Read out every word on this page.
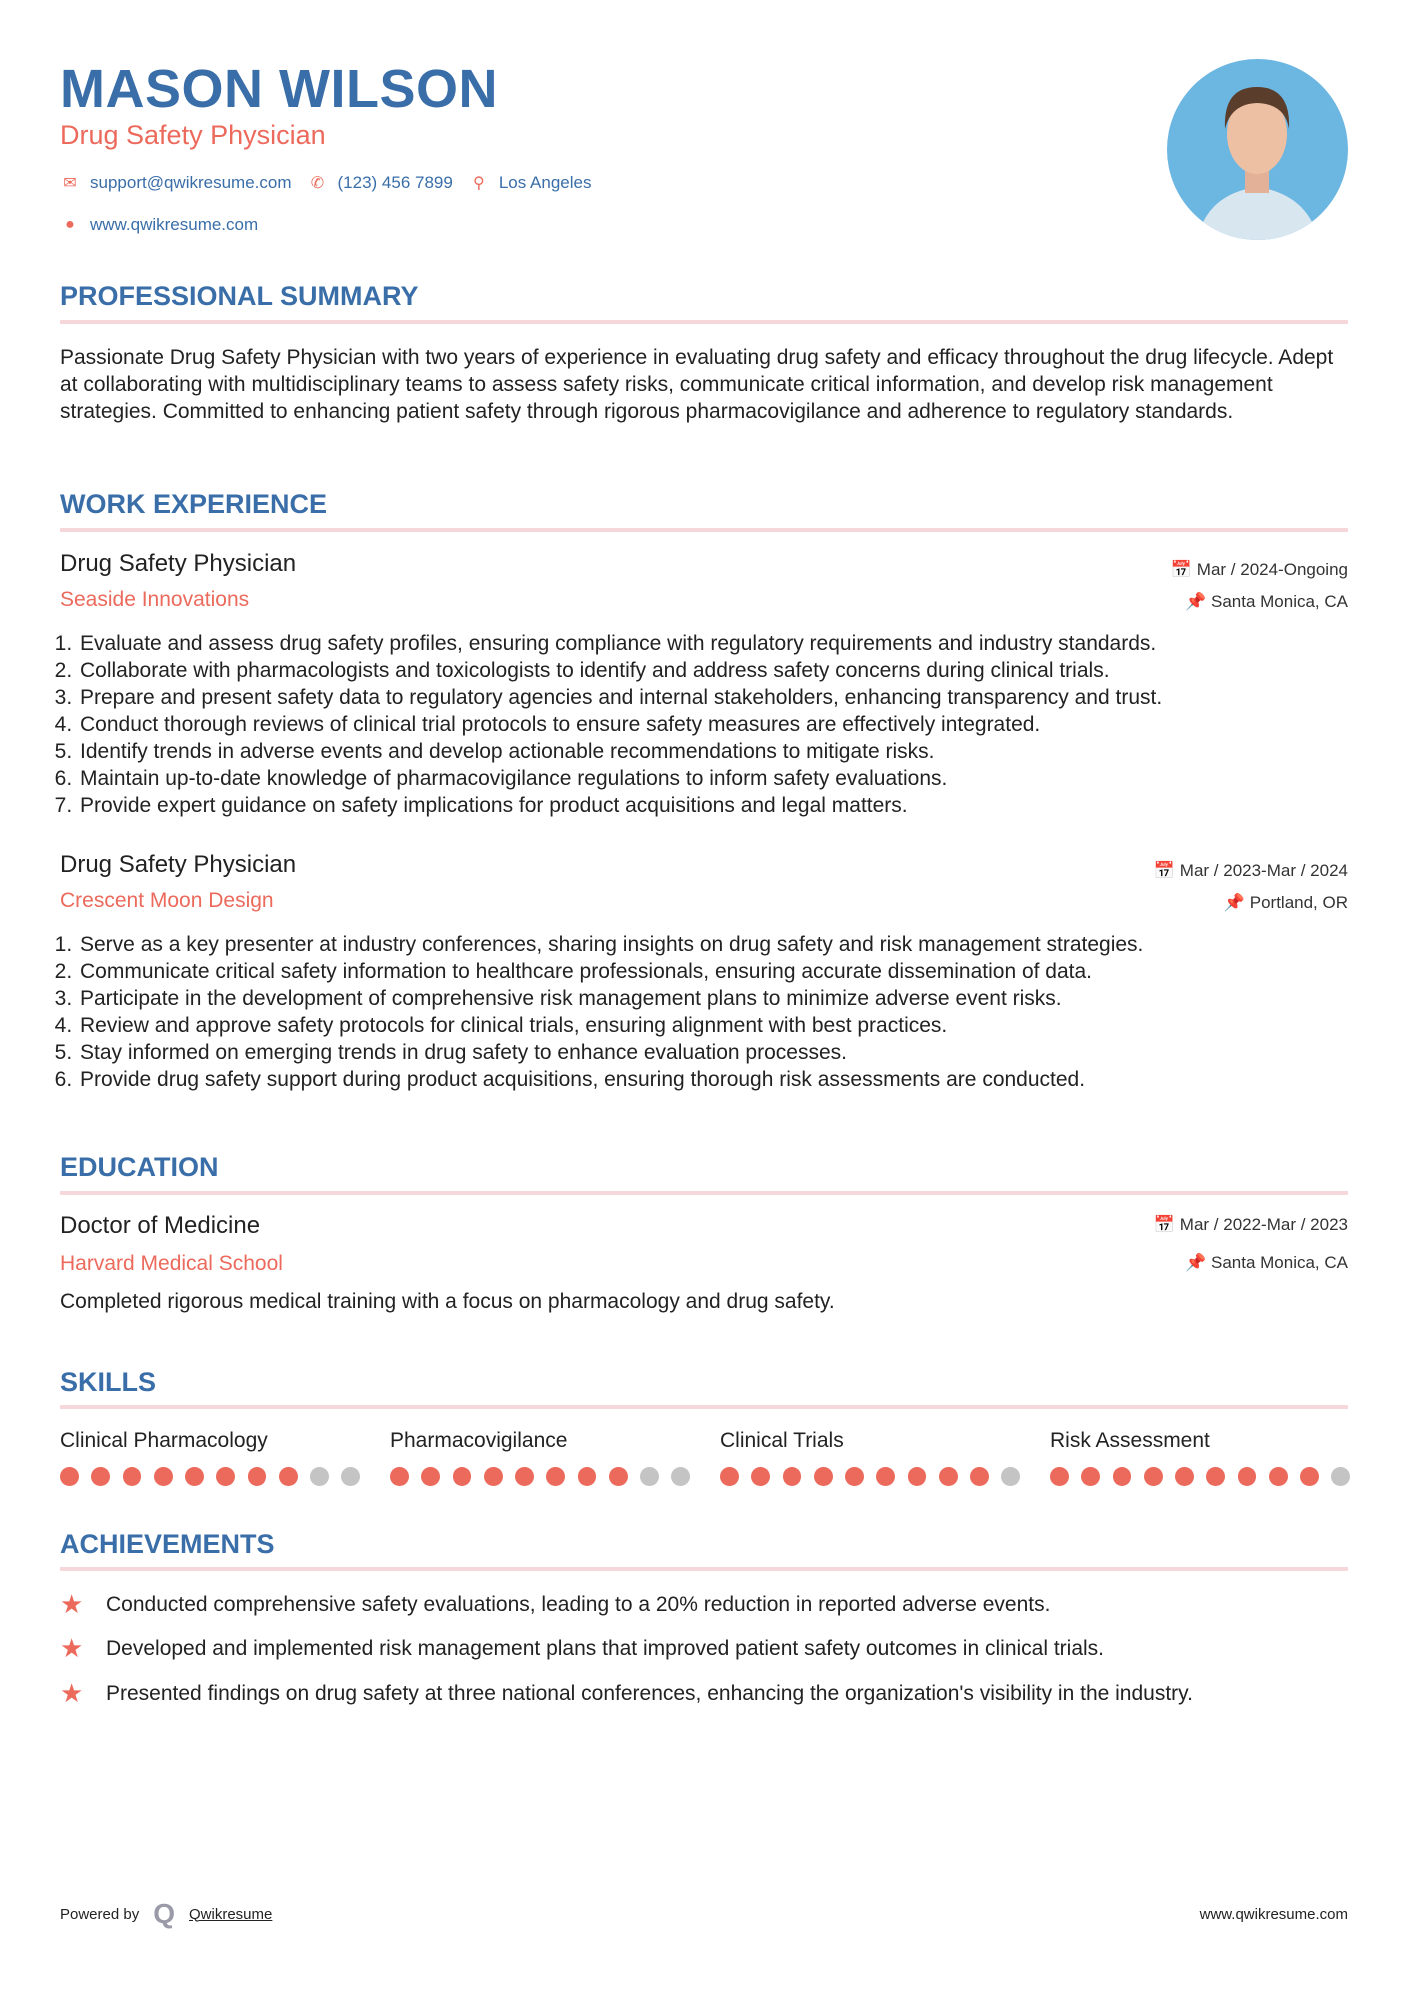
MASON WILSON
Drug Safety Physician
✉ support@qwikresume.com ✆ (123) 456 7899 ⚲ Los Angeles
● www.qwikresume.com
PROFESSIONAL SUMMARY
Passionate Drug Safety Physician with two years of experience in evaluating drug safety and efficacy throughout the drug lifecycle. Adept at collaborating with multidisciplinary teams to assess safety risks, communicate critical information, and develop risk management strategies. Committed to enhancing patient safety through rigorous pharmacovigilance and adherence to regulatory standards.
WORK EXPERIENCE
Drug Safety Physician	📅 Mar / 2024-Ongoing
Seaside Innovations	📌 Santa Monica, CA
1. Evaluate and assess drug safety profiles, ensuring compliance with regulatory requirements and industry standards.
2. Collaborate with pharmacologists and toxicologists to identify and address safety concerns during clinical trials.
3. Prepare and present safety data to regulatory agencies and internal stakeholders, enhancing transparency and trust.
4. Conduct thorough reviews of clinical trial protocols to ensure safety measures are effectively integrated.
5. Identify trends in adverse events and develop actionable recommendations to mitigate risks.
6. Maintain up-to-date knowledge of pharmacovigilance regulations to inform safety evaluations.
7. Provide expert guidance on safety implications for product acquisitions and legal matters.
Drug Safety Physician	📅 Mar / 2023-Mar / 2024
Crescent Moon Design	📌 Portland, OR
1. Serve as a key presenter at industry conferences, sharing insights on drug safety and risk management strategies.
2. Communicate critical safety information to healthcare professionals, ensuring accurate dissemination of data.
3. Participate in the development of comprehensive risk management plans to minimize adverse event risks.
4. Review and approve safety protocols for clinical trials, ensuring alignment with best practices.
5. Stay informed on emerging trends in drug safety to enhance evaluation processes.
6. Provide drug safety support during product acquisitions, ensuring thorough risk assessments are conducted.
EDUCATION
Doctor of Medicine	📅 Mar / 2022-Mar / 2023
Harvard Medical School	📌 Santa Monica, CA
Completed rigorous medical training with a focus on pharmacology and drug safety.
SKILLS
Clinical Pharmacology	Pharmacovigilance	Clinical Trials	Risk Assessment
ACHIEVEMENTS
★	Conducted comprehensive safety evaluations, leading to a 20% reduction in reported adverse events.
★	Developed and implemented risk management plans that improved patient safety outcomes in clinical trials.
★	Presented findings on drug safety at three national conferences, enhancing the organization's visibility in the industry.
Powered by Q Qwikresume	www.qwikresume.com
